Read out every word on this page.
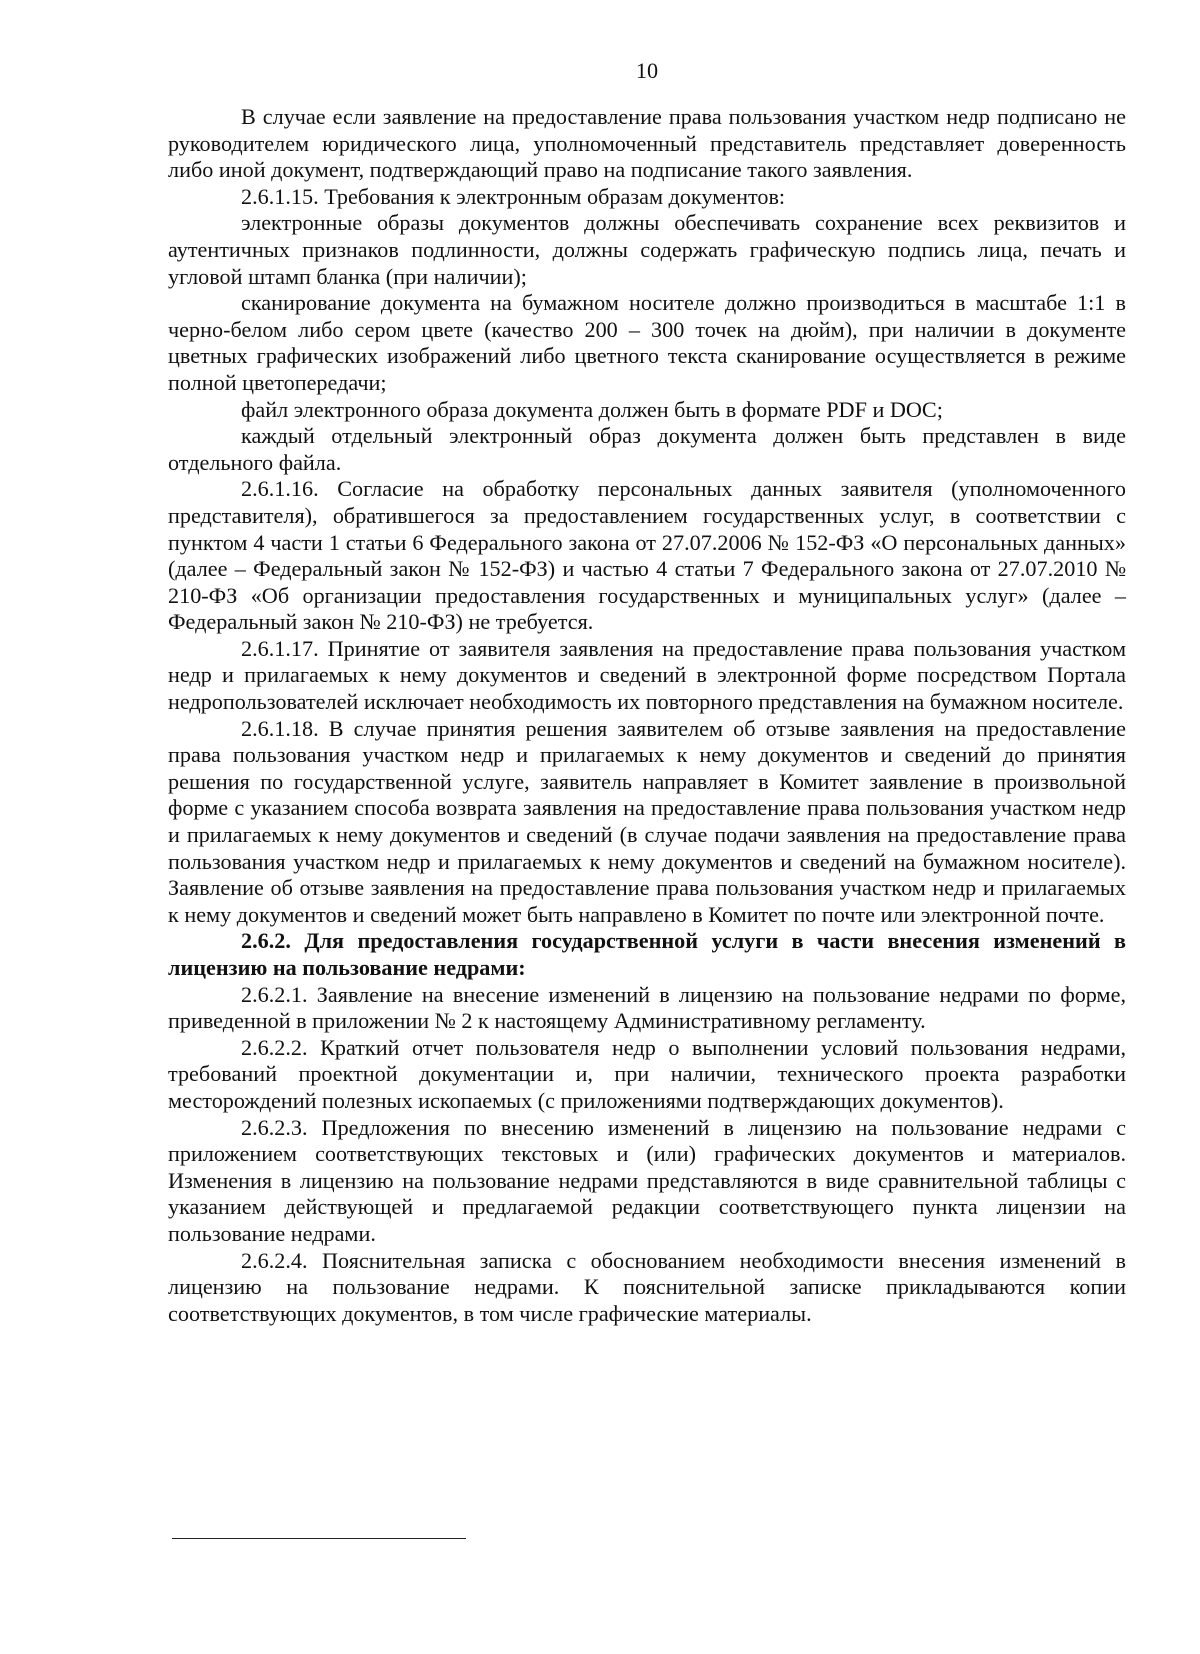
10

В случае если заявление на предоставление права пользования участком недр подписано не руководителем юридического лица, уполномоченный представитель представляет доверенность либо иной документ, подтверждающий право на подписание такого заявления.

2.6.1.15. Требования к электронным образам документов:

электронные образы документов должны обеспечивать сохранение всех реквизитов и аутентичных признаков подлинности, должны содержать графическую подпись лица, печать и угловой штамп бланка (при наличии);

сканирование документа на бумажном носителе должно производиться в масштабе 1:1 в черно-белом либо сером цвете (качество 200 – 300 точек на дюйм), при наличии в документе цветных графических изображений либо цветного текста сканирование осуществляется в режиме полной цветопередачи;

файл электронного образа документа должен быть в формате PDF и DOC;

каждый отдельный электронный образ документа должен быть представлен в виде отдельного файла.

2.6.1.16. Согласие на обработку персональных данных заявителя (уполномоченного представителя), обратившегося за предоставлением государственных услуг, в соответствии с пунктом 4 части 1 статьи 6 Федерального закона от 27.07.2006 № 152-ФЗ «О персональных данных» (далее – Федеральный закон № 152-ФЗ) и частью 4 статьи 7 Федерального закона от 27.07.2010 № 210-ФЗ «Об организации предоставления государственных и муниципальных услуг» (далее – Федеральный закон № 210-ФЗ) не требуется.

2.6.1.17. Принятие от заявителя заявления на предоставление права пользования участком недр и прилагаемых к нему документов и сведений в электронной форме посредством Портала недропользователей исключает необходимость их повторного представления на бумажном носителе.

2.6.1.18. В случае принятия решения заявителем об отзыве заявления на предоставление права пользования участком недр и прилагаемых к нему документов и сведений до принятия решения по государственной услуге, заявитель направляет в Комитет заявление в произвольной форме с указанием способа возврата заявления на предоставление права пользования участком недр и прилагаемых к нему документов и сведений (в случае подачи заявления на предоставление права пользования участком недр и прилагаемых к нему документов и сведений на бумажном носителе). Заявление об отзыве заявления на предоставление права пользования участком недр и прилагаемых к нему документов и сведений может быть направлено в Комитет по почте или электронной почте.

2.6.2. Для предоставления государственной услуги в части внесения изменений в лицензию на пользование недрами:

2.6.2.1. Заявление на внесение изменений в лицензию на пользование недрами по форме, приведенной в приложении № 2 к настоящему Административному регламенту.

2.6.2.2. Краткий отчет пользователя недр о выполнении условий пользования недрами, требований проектной документации и, при наличии, технического проекта разработки месторождений полезных ископаемых (с приложениями подтверждающих документов).

2.6.2.3. Предложения по внесению изменений в лицензию на пользование недрами с приложением соответствующих текстовых и (или) графических документов и материалов. Изменения в лицензию на пользование недрами представляются в виде сравнительной таблицы с указанием действующей и предлагаемой редакции соответствующего пункта лицензии на пользование недрами.

2.6.2.4. Пояснительная записка с обоснованием необходимости внесения изменений в лицензию на пользование недрами. К пояснительной записке прикладываются копии соответствующих документов, в том числе графические материалы.
